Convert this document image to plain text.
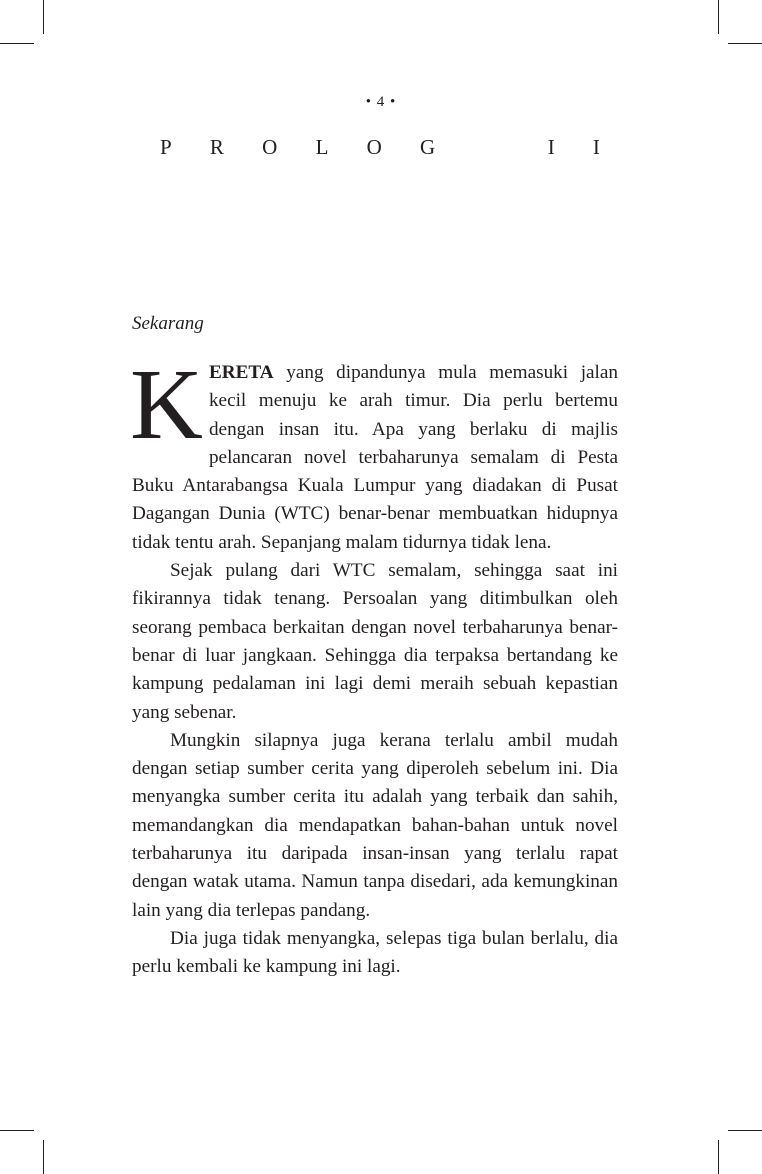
• 4 •
P R O L O G	I I
Sekarang

KERETA yang dipandunya mula memasuki jalan kecil menuju ke arah timur. Dia perlu bertemu dengan insan itu. Apa yang berlaku di majlis pelancaran novel terbaharunya semalam di Pesta Buku Antarabangsa Kuala Lumpur yang diadakan di Pusat Dagangan Dunia (WTC) benar-benar membuatkan hidupnya tidak tentu arah. Sepanjang malam tidurnya tidak lena.

Sejak pulang dari WTC semalam, sehingga saat ini fikirannya tidak tenang. Persoalan yang ditimbulkan oleh seorang pembaca berkaitan dengan novel terbaharunya benar-benar di luar jangkaan. Sehingga dia terpaksa bertandang ke kampung pedalaman ini lagi demi meraih sebuah kepastian yang sebenar.

Mungkin silapnya juga kerana terlalu ambil mudah dengan setiap sumber cerita yang diperoleh sebelum ini. Dia menyangka sumber cerita itu adalah yang terbaik dan sahih, memandangkan dia mendapatkan bahan-bahan untuk novel terbaharunya itu daripada insan-insan yang terlalu rapat dengan watak utama. Namun tanpa disedari, ada kemungkinan lain yang dia terlepas pandang.

Dia juga tidak menyangka, selepas tiga bulan berlalu, dia perlu kembali ke kampung ini lagi.
